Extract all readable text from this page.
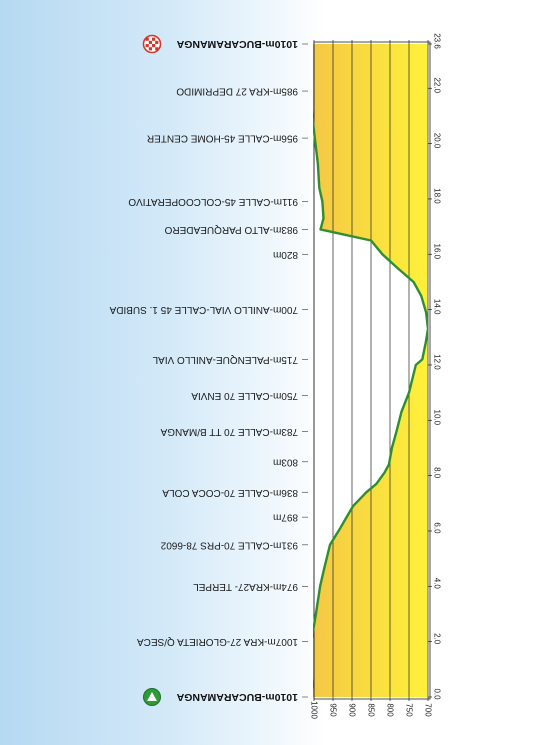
0.0
2.0
4.0
6.0
8.0
10.0
12.0
14.0
16.0
18.0
20.0
22.0
23.6
1000 950 900 850 800 750 700
1010m-BUCARAMANGA
1007m-KRA 27-GLORIETA Q/SECA
974m-KRA27- TERPEL
931m-CALLE 70-PRS 78-6602
897m
836m-CALLE 70-COCA COLA
803m
783m-CALLE 70 TT B/MANGA
750m-CALLE 70 ENVIA
715m-PALENQUE-ANILLO VIAL
700m-ANILLO VIAL-CALLE 45 1. SUBIDA
820m
983m-ALTO PARQUEADERO
911m-CALLE 45-COLCOOPERATIVO
956m-CALLE 45-HOME CENTER
985m-KRA 27 DEPRIMIDO
1010m-BUCARAMANGA
